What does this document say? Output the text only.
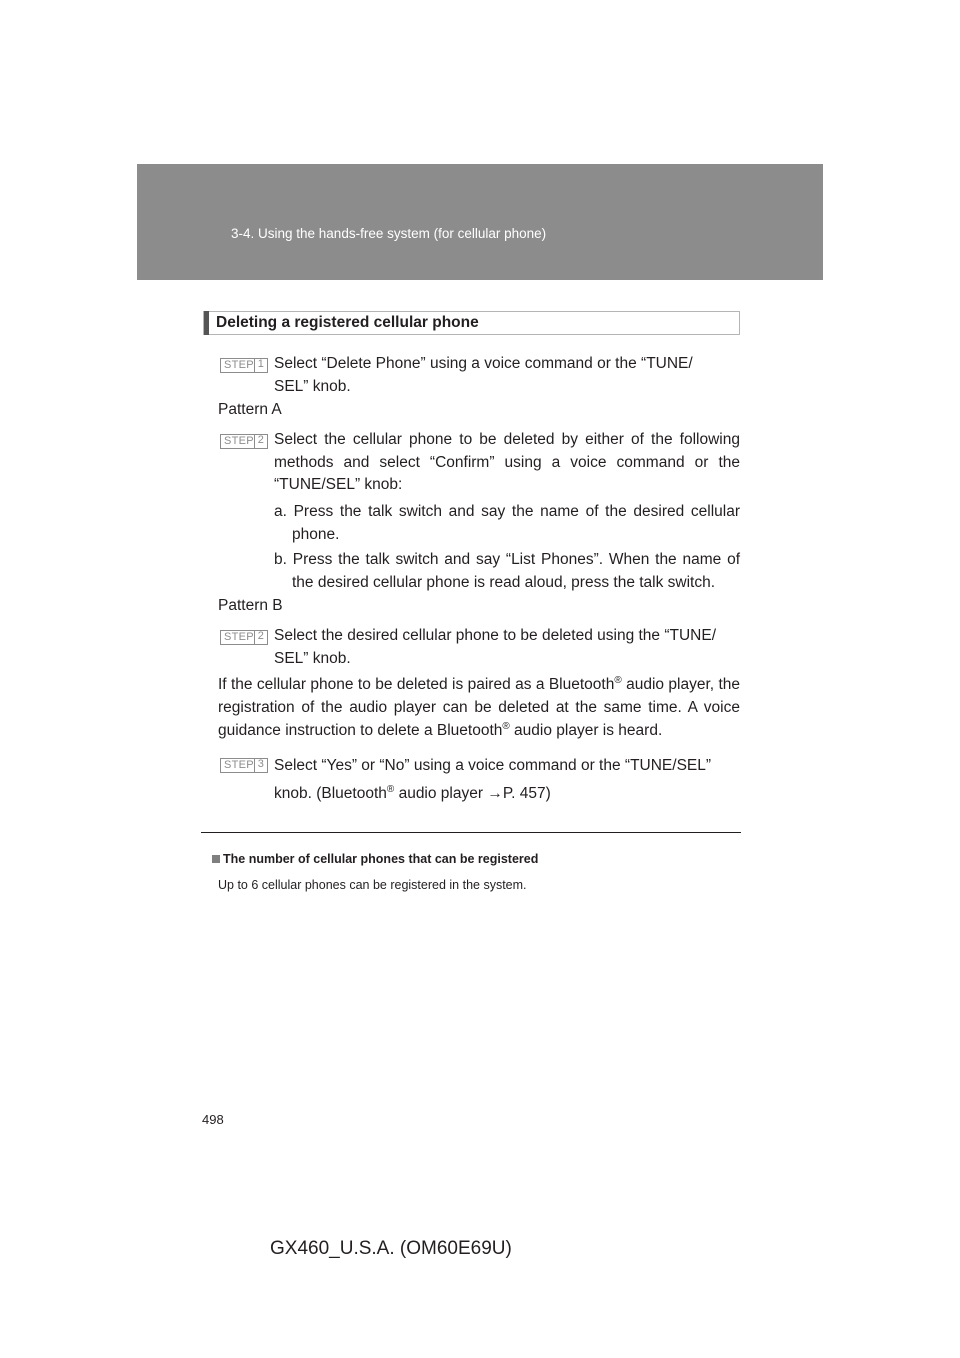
3-4. Using the hands-free system (for cellular phone)
Deleting a registered cellular phone
STEP 1 Select “Delete Phone” using a voice command or the “TUNE/
SEL” knob.
Pattern A
STEP 2 Select the cellular phone to be deleted by either of the following methods and select “Confirm” using a voice command or the “TUNE/SEL” knob:
a. Press the talk switch and say the name of the desired cellular phone.
b. Press the talk switch and say “List Phones”. When the name of the desired cellular phone is read aloud, press the talk switch.
Pattern B
STEP 2 Select the desired cellular phone to be deleted using the “TUNE/
SEL” knob.
If the cellular phone to be deleted is paired as a Bluetooth® audio player, the registration of the audio player can be deleted at the same time. A voice guidance instruction to delete a Bluetooth® audio player is heard.
STEP 3 Select “Yes” or “No” using a voice command or the “TUNE/SEL”
knob. (Bluetooth® audio player →P. 457)
The number of cellular phones that can be registered
Up to 6 cellular phones can be registered in the system.
498
GX460_U.S.A. (OM60E69U)
